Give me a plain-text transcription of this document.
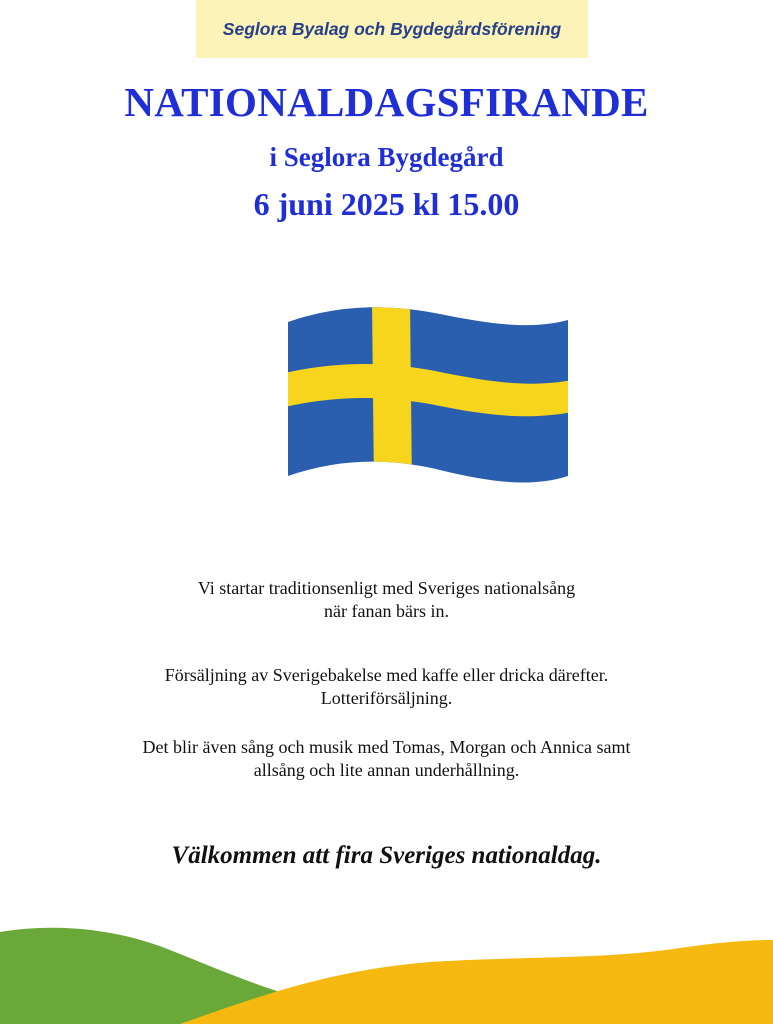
Seglora Byalag och Bygdegårdsförening
NATIONALDAGSFIRANDE
i Seglora Bygdegård
6 juni 2025 kl 15.00
Vi startar traditionsenligt med Sveriges nationalsång
när fanan bärs in.
Försäljning av Sverigebakelse med kaffe eller dricka därefter.
Lotteriförsäljning.
Det blir även sång och musik med Tomas, Morgan och Annica samt
allsång och lite annan underhållning.
Välkommen att fira Sveriges nationaldag.
